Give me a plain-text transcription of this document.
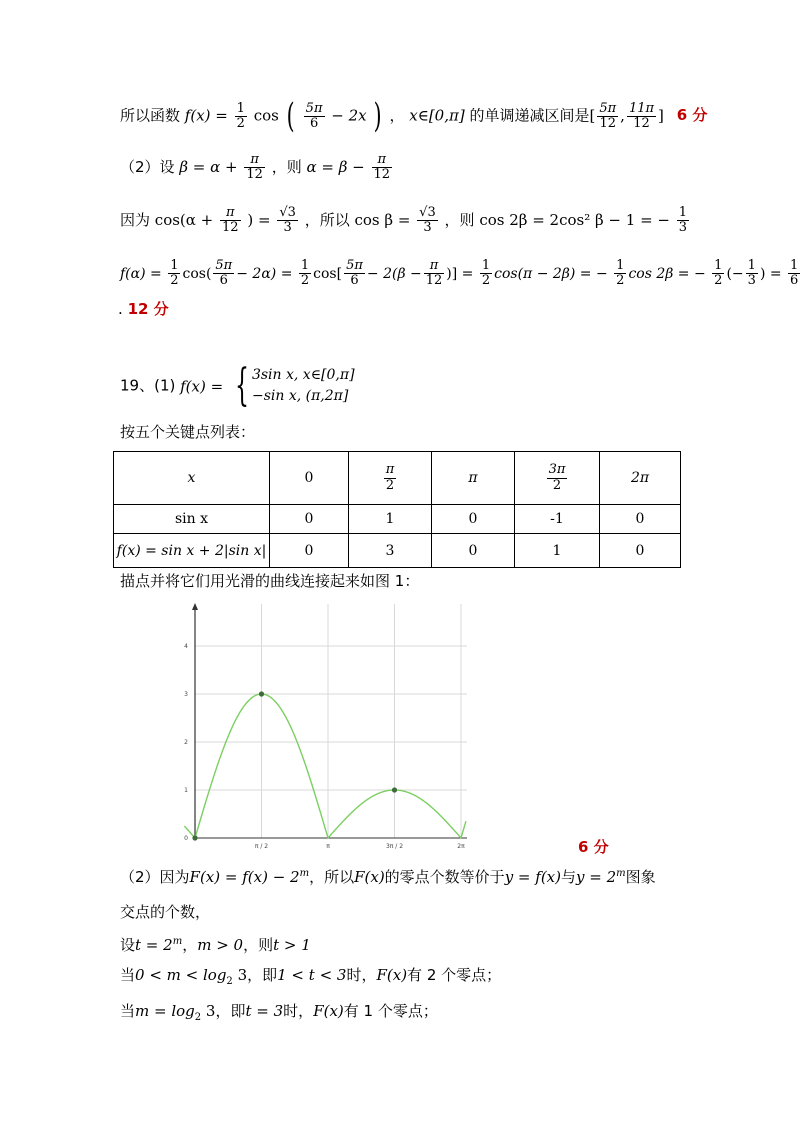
所以函数 $f(x) = \frac{1}{2}$ cos ( $\frac{5\pi}{6} - 2x$ ) ， x∈[0,π] 的单调递减区间是[ $\frac{5\pi}{12}$ , $\frac{11\pi}{12}$ ] 6 分
（2）设 $\beta = \alpha + \frac{\pi}{12}$ ，则 $\alpha = \beta - \frac{\pi}{12}$
因为 $\cos(\alpha + \frac{\pi}{12}$ ) = $\frac{√3}{3}$ ，所以 $\cos \beta = \frac{√3}{3}$ ，则 cos 2β = 2cos² β − 1 = − $\frac{1}{3}$
$f(\alpha) = \frac{1}{2} \cos( \frac{5\pi}{6} - 2\alpha) = \frac{1}{2} \cos[ \frac{5\pi}{6} - 2(\beta - \frac{\pi}{12}$ )] = $\frac{1}{2} \cos(\pi - 2\beta)$ = − $\frac{1}{2}$ cos 2β = − $\frac{1}{2}$ (− $\frac{1}{3}$ ) = $\frac{1}{6}$
. 12 分
19、(1) f(x) = { 3sin x, x∈[0,π]
−sin x, (π,2π]
按五个关键点列表：
x	0	$\frac{\pi}{2}$	π	$\frac{3\pi}{2}$	2π
sin x	0	1	0	-1	0
f(x) = sin x + 2|sin x|	0	3	0	1	0
描点并将它们用光滑的曲线连接起来如图 1：
0
1
2
3
4
π / 2	π	3π / 2	2π	6 分
（2）因为$F(x) = f(x) - 2^m$，所以F(x)的零点个数等价于y = f(x)与$y = 2^m$图象
交点的个数，
设$t = 2^m$，m > 0，则t > 1
当$0 < m < \log_2 3$，即1 < t < 3时，F(x)有 2 个零点；
当$m = \log_2 3$，即t = 3时，F(x)有 1 个零点；
